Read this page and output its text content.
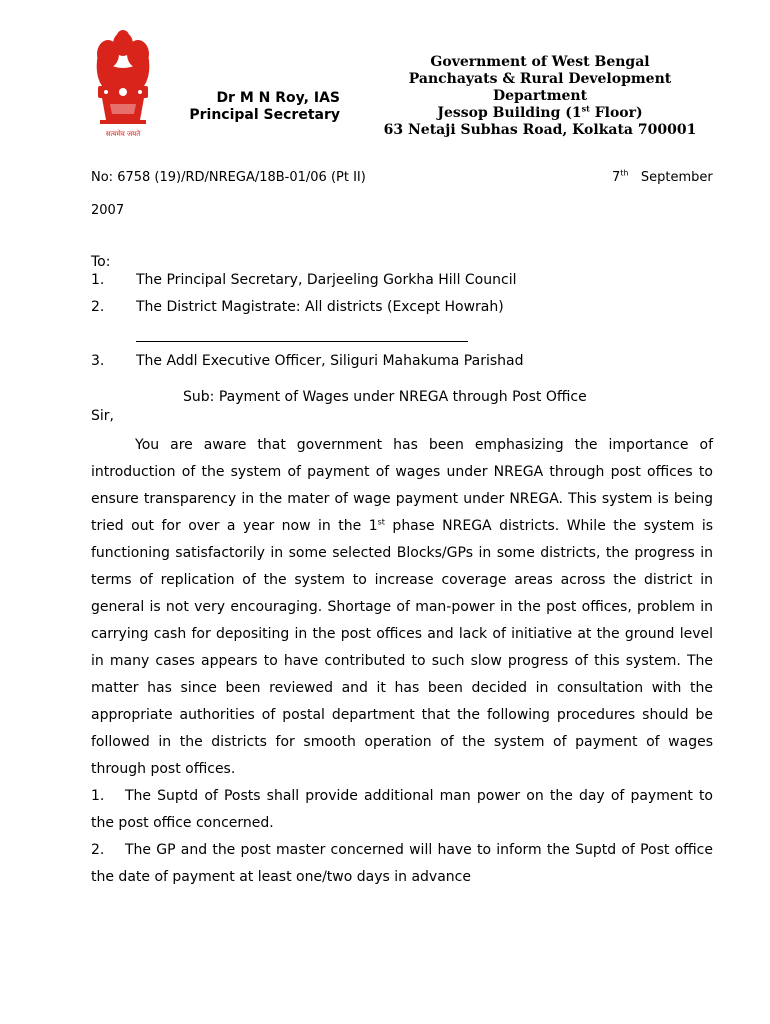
सत्यमेव जयते
Dr M N Roy, IAS
Principal Secretary
Government of West Bengal
Panchayats & Rural Development
Department
Jessop Building (1st Floor)
63 Netaji Subhas Road, Kolkata 700001
No: 6758 (19)/RD/NREGA/18B-01/06 (Pt II)	7th September
2007
To:
1. The Principal Secretary, Darjeeling Gorkha Hill Council
2. The District Magistrate: All districts (Except Howrah)
3. The Addl Executive Officer, Siliguri Mahakuma Parishad
Sub: Payment of Wages under NREGA through Post Office
Sir,

You are aware that government has been emphasizing the importance of introduction of the system of payment of wages under NREGA through post offices to ensure transparency in the mater of wage payment under NREGA. This system is being tried out for over a year now in the 1st phase NREGA districts. While the system is functioning satisfactorily in some selected Blocks/GPs in some districts, the progress in terms of replication of the system to increase coverage areas across the district in general is not very encouraging. Shortage of man-power in the post offices, problem in carrying cash for depositing in the post offices and lack of initiative at the ground level in many cases appears to have contributed to such slow progress of this system. The matter has since been reviewed and it has been decided in consultation with the appropriate authorities of postal department that the following procedures should be followed in the districts for smooth operation of the system of payment of wages through post offices.

1. The Suptd of Posts shall provide additional man power on the day of payment to the post office concerned.

2. The GP and the post master concerned will have to inform the Suptd of Post office the date of payment at least one/two days in advance
